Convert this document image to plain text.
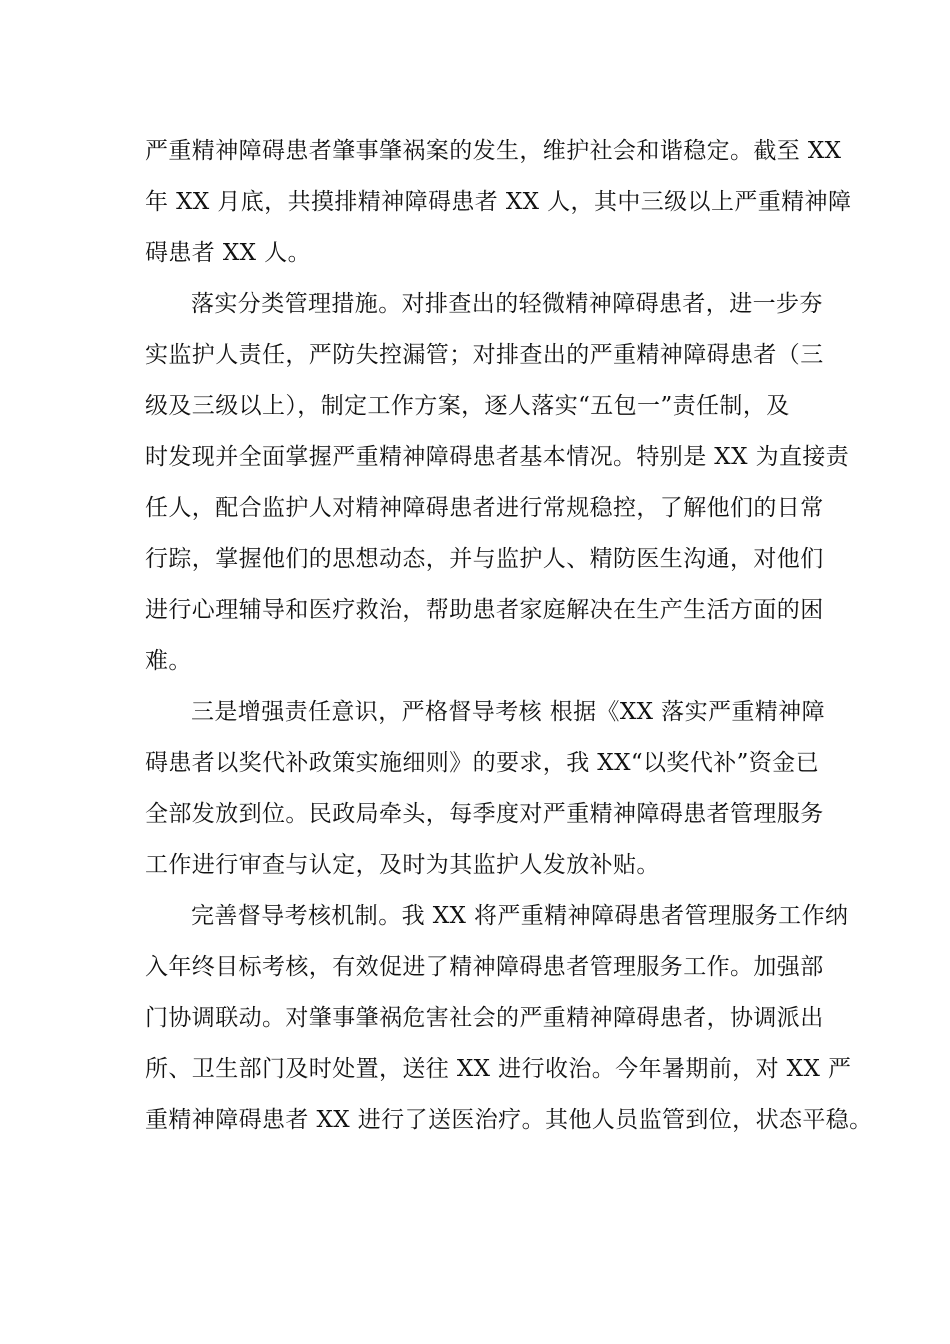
严重精神障碍患者肇事肇祸案的发生，维护社会和谐稳定。截至 XX
年 XX 月底，共摸排精神障碍患者 XX 人，其中三级以上严重精神障
碍患者 XX 人。
落实分类管理措施。对排查出的轻微精神障碍患者，进一步夯
实监护人责任，严防失控漏管；对排查出的严重精神障碍患者（三
级及三级以上），制定工作方案，逐人落实“五包一”责任制，及
时发现并全面掌握严重精神障碍患者基本情况。特别是 XX 为直接责
任人，配合监护人对精神障碍患者进行常规稳控，了解他们的日常
行踪，掌握他们的思想动态，并与监护人、精防医生沟通，对他们
进行心理辅导和医疗救治，帮助患者家庭解决在生产生活方面的困
难。
三是增强责任意识，严格督导考核 根据《XX 落实严重精神障
碍患者以奖代补政策实施细则》的要求，我 XX“以奖代补”资金已
全部发放到位。民政局牵头，每季度对严重精神障碍患者管理服务
工作进行审查与认定，及时为其监护人发放补贴。
完善督导考核机制。我 XX 将严重精神障碍患者管理服务工作纳
入年终目标考核，有效促进了精神障碍患者管理服务工作。加强部
门协调联动。对肇事肇祸危害社会的严重精神障碍患者，协调派出
所、卫生部门及时处置，送往 XX 进行收治。今年暑期前，对 XX 严
重精神障碍患者 XX 进行了送医治疗。其他人员监管到位，状态平稳。
